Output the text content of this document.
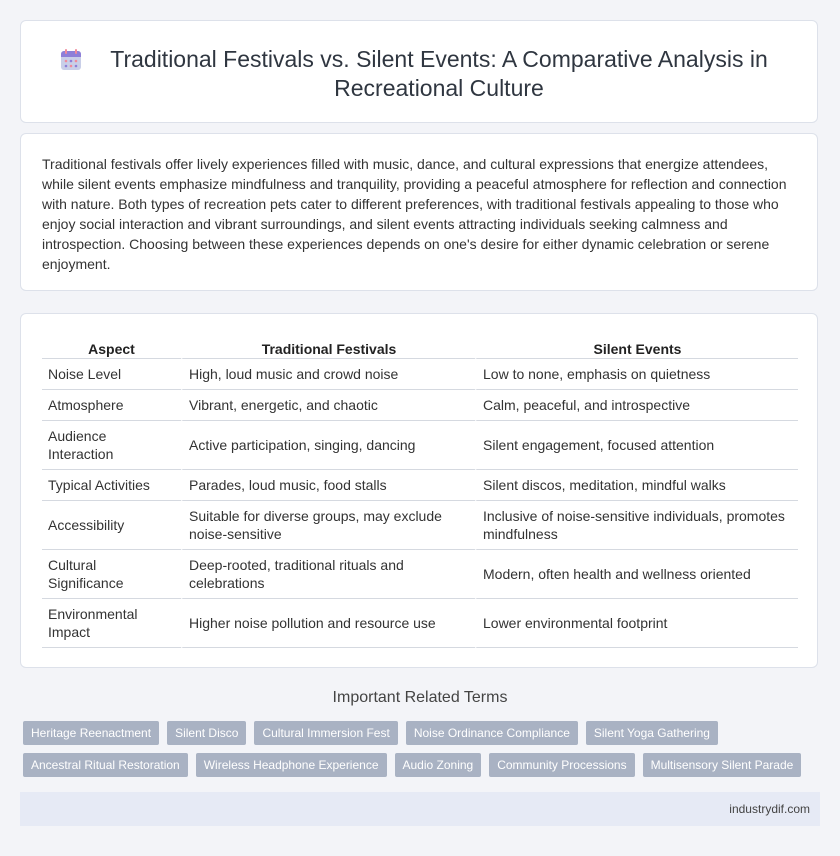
Traditional Festivals vs. Silent Events: A Comparative Analysis in Recreational Culture

Traditional festivals offer lively experiences filled with music, dance, and cultural expressions that energize attendees, while silent events emphasize mindfulness and tranquility, providing a peaceful atmosphere for reflection and connection with nature. Both types of recreation pets cater to different preferences, with traditional festivals appealing to those who enjoy social interaction and vibrant surroundings, and silent events attracting individuals seeking calmness and introspection. Choosing between these experiences depends on one's desire for either dynamic celebration or serene enjoyment.

Aspect	Traditional Festivals	Silent Events
Noise Level	High, loud music and crowd noise	Low to none, emphasis on quietness
Atmosphere	Vibrant, energetic, and chaotic	Calm, peaceful, and introspective
Audience Interaction	Active participation, singing, dancing	Silent engagement, focused attention
Typical Activities	Parades, loud music, food stalls	Silent discos, meditation, mindful walks
Accessibility	Suitable for diverse groups, may exclude noise-sensitive	Inclusive of noise-sensitive individuals, promotes mindfulness
Cultural Significance	Deep-rooted, traditional rituals and celebrations	Modern, often health and wellness oriented
Environmental Impact	Higher noise pollution and resource use	Lower environmental footprint
Important Related Terms
Heritage Reenactment	Silent Disco	Cultural Immersion Fest	Noise Ordinance Compliance	Silent Yoga Gathering
Ancestral Ritual Restoration	Wireless Headphone Experience	Audio Zoning	Community Processions	Multisensory Silent Parade
industrydif.com
